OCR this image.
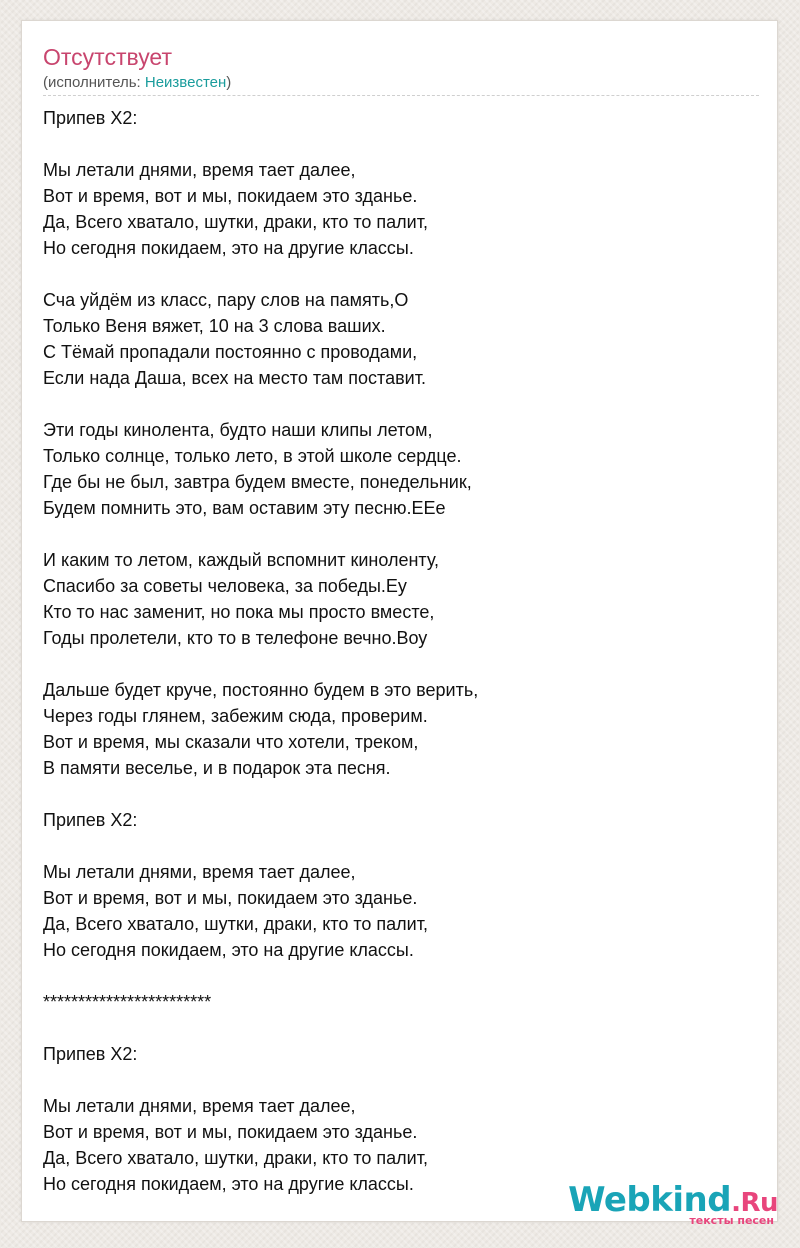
Отсутствует
(исполнитель: Неизвестен)
Припев Х2:
Мы летали днями, время тает далее,
Вот и время, вот и мы, покидаем это зданье.
Да, Всего хватало, шутки, драки, кто то палит,
Но сегодня покидаем, это на другие классы.
Сча уйдём из класс, пару слов на память,О
Только Веня вяжет, 10 на 3 слова ваших.
С Тёмай пропадали постоянно с проводами,
Если нада Даша, всех на место там поставит.
Эти годы кинолента, будто наши клипы летом,
Только солнце, только лето, в этой школе сердце.
Где бы не был, завтра будем вместе, понедельник,
Будем помнить это, вам оставим эту песню.ЕЕе
И каким то летом, каждый вспомнит киноленту,
Спасибо за советы человека, за победы.Еу
Кто то нас заменит, но пока мы просто вместе,
Годы пролетели, кто то в телефоне вечно.Воу
Дальше будет круче, постоянно будем в это верить,
Через годы глянем, забежим сюда, проверим.
Вот и время, мы сказали что хотели, треком,
В памяти веселье, и в подарок эта песня.
Припев Х2:
Мы летали днями, время тает далее,
Вот и время, вот и мы, покидаем это зданье.
Да, Всего хватало, шутки, драки, кто то палит,
Но сегодня покидаем, это на другие классы.
************************
Припев Х2:
Мы летали днями, время тает далее,
Вот и время, вот и мы, покидаем это зданье.
Да, Всего хватало, шутки, драки, кто то палит,
Но сегодня покидаем, это на другие классы.	Webkind.Ru
тексты песен
